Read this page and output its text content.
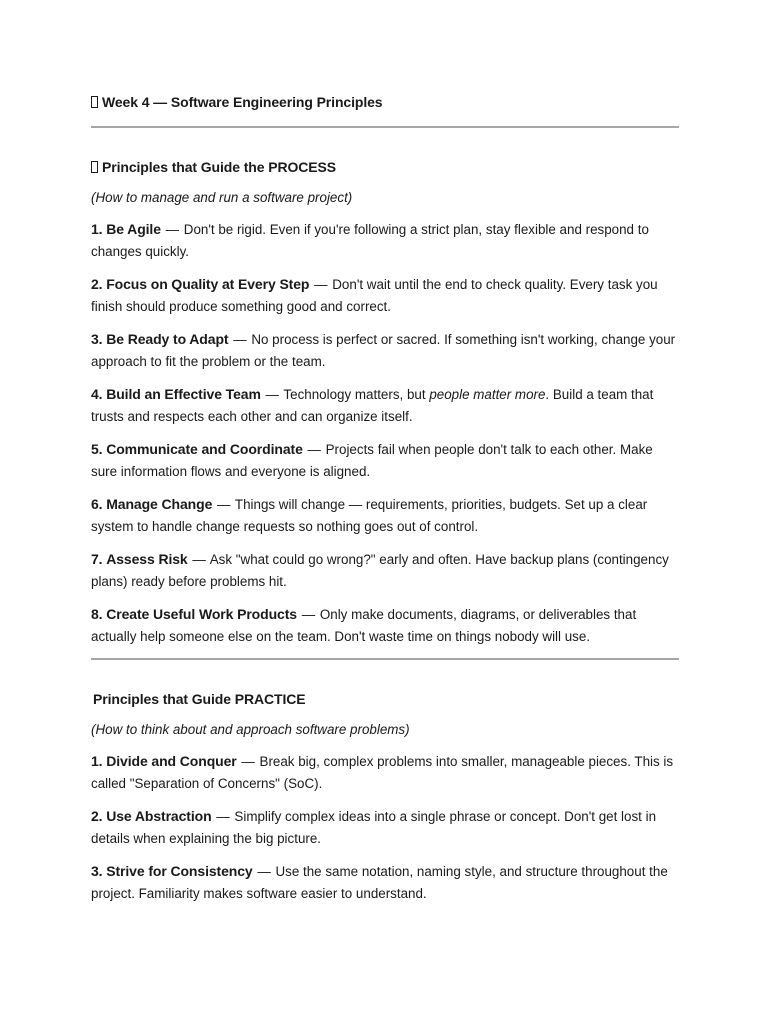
Week 4 — Software Engineering Principles
Principles that Guide the PROCESS

(How to manage and run a software project)

1. Be Agile — Don't be rigid. Even if you're following a strict plan, stay flexible and respond to changes quickly.

2. Focus on Quality at Every Step — Don't wait until the end to check quality. Every task you finish should produce something good and correct.

3. Be Ready to Adapt — No process is perfect or sacred. If something isn't working, change your approach to fit the problem or the team.

4. Build an Effective Team — Technology matters, but people matter more. Build a team that trusts and respects each other and can organize itself.

5. Communicate and Coordinate — Projects fail when people don't talk to each other. Make sure information flows and everyone is aligned.

6. Manage Change — Things will change — requirements, priorities, budgets. Set up a clear system to handle change requests so nothing goes out of control.

7. Assess Risk — Ask "what could go wrong?" early and often. Have backup plans (contingency plans) ready before problems hit.

8. Create Useful Work Products — Only make documents, diagrams, or deliverables that actually help someone else on the team. Don't waste time on things nobody will use.

Principles that Guide PRACTICE

(How to think about and approach software problems)

1. Divide and Conquer — Break big, complex problems into smaller, manageable pieces. This is called "Separation of Concerns" (SoC).

2. Use Abstraction — Simplify complex ideas into a single phrase or concept. Don't get lost in details when explaining the big picture.

3. Strive for Consistency — Use the same notation, naming style, and structure throughout the project. Familiarity makes software easier to understand.
